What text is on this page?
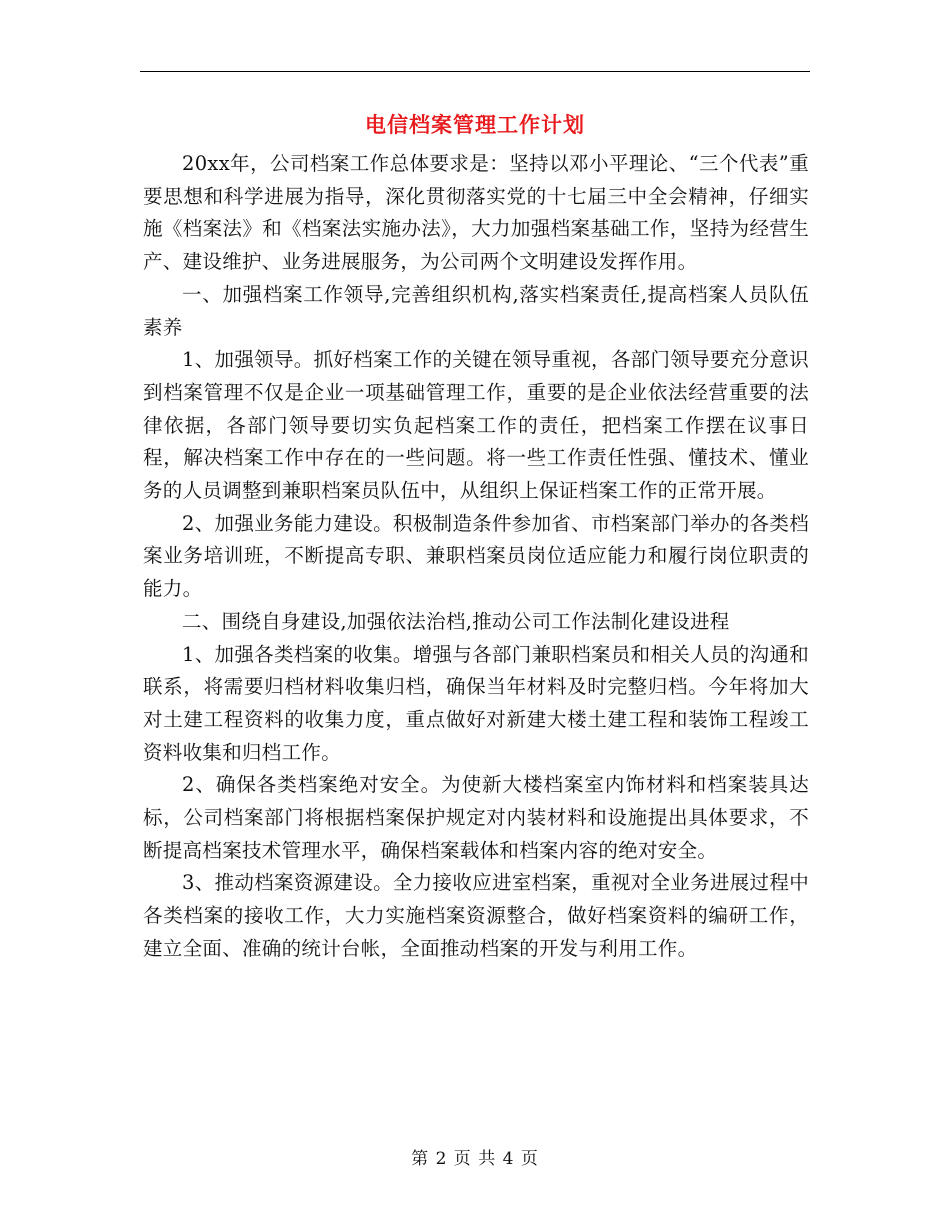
电信档案管理工作计划

20xx年，公司档案工作总体要求是：坚持以邓小平理论、“三个代表”重要思想和科学进展为指导，深化贯彻落实党的十七届三中全会精神，仔细实施《档案法》和《档案法实施办法》，大力加强档案基础工作，坚持为经营生产、建设维护、业务进展服务，为公司两个文明建设发挥作用。

一、加强档案工作领导,完善组织机构,落实档案责任,提高档案人员队伍素养

1、加强领导。抓好档案工作的关键在领导重视，各部门领导要充分意识到档案管理不仅是企业一项基础管理工作，重要的是企业依法经营重要的法律依据，各部门领导要切实负起档案工作的责任，把档案工作摆在议事日程，解决档案工作中存在的一些问题。将一些工作责任性强、懂技术、懂业务的人员调整到兼职档案员队伍中，从组织上保证档案工作的正常开展。

2、加强业务能力建设。积极制造条件参加省、市档案部门举办的各类档案业务培训班，不断提高专职、兼职档案员岗位适应能力和履行岗位职责的能力。

二、围绕自身建设,加强依法治档,推动公司工作法制化建设进程

1、加强各类档案的收集。增强与各部门兼职档案员和相关人员的沟通和联系，将需要归档材料收集归档，确保当年材料及时完整归档。今年将加大对土建工程资料的收集力度，重点做好对新建大楼土建工程和装饰工程竣工资料收集和归档工作。

2、确保各类档案绝对安全。为使新大楼档案室内饰材料和档案装具达标，公司档案部门将根据档案保护规定对内装材料和设施提出具体要求，不断提高档案技术管理水平，确保档案载体和档案内容的绝对安全。

3、推动档案资源建设。全力接收应进室档案，重视对全业务进展过程中各类档案的接收工作，大力实施档案资源整合，做好档案资料的编研工作，建立全面、准确的统计台帐，全面推动档案的开发与利用工作。

第 2 页 共 4 页
